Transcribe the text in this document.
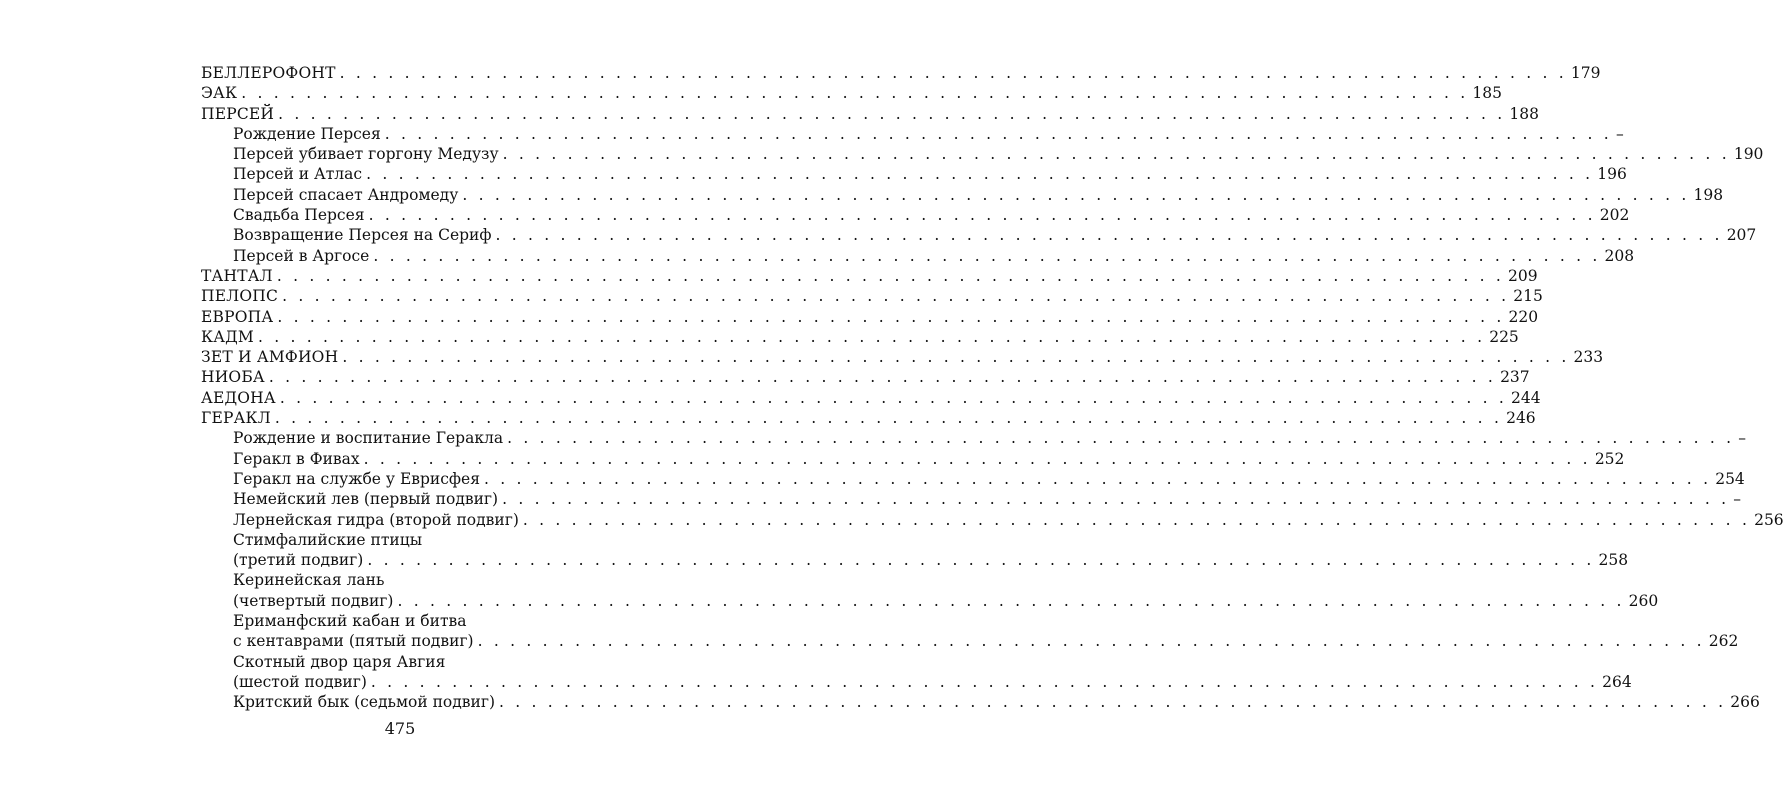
БЕЛЛЕРОФОНТ . . . . . . . . . . . . . . . . . . . . . . . . . . . . . . . . . . . . . . . . . . . . . . . . . . . . . . . . . . . . . . . . . . . . . . . . . . . . 179
ЭАК . . . . . . . . . . . . . . . . . . . . . . . . . . . . . . . . . . . . . . . . . . . . . . . . . . . . . . . . . . . . . . . . . . . . . . . . . . . . 185
ПЕРСЕЙ . . . . . . . . . . . . . . . . . . . . . . . . . . . . . . . . . . . . . . . . . . . . . . . . . . . . . . . . . . . . . . . . . . . . . . . . . . . . 188
Рождение Персея . . . . . . . . . . . . . . . . . . . . . . . . . . . . . . . . . . . . . . . . . . . . . . . . . . . . . . . . . . . . . . . . . . . . . . . . . . . . –
Персей убивает горгону Медузу . . . . . . . . . . . . . . . . . . . . . . . . . . . . . . . . . . . . . . . . . . . . . . . . . . . . . . . . . . . . . . . . . . . . . . . . . . . . 190
Персей и Атлас . . . . . . . . . . . . . . . . . . . . . . . . . . . . . . . . . . . . . . . . . . . . . . . . . . . . . . . . . . . . . . . . . . . . . . . . . . . . 196
Персей спасает Андромеду . . . . . . . . . . . . . . . . . . . . . . . . . . . . . . . . . . . . . . . . . . . . . . . . . . . . . . . . . . . . . . . . . . . . . . . . . . . . 198
Свадьба Персея . . . . . . . . . . . . . . . . . . . . . . . . . . . . . . . . . . . . . . . . . . . . . . . . . . . . . . . . . . . . . . . . . . . . . . . . . . . . 202
Возвращение Персея на Сериф . . . . . . . . . . . . . . . . . . . . . . . . . . . . . . . . . . . . . . . . . . . . . . . . . . . . . . . . . . . . . . . . . . . . . . . . . . . . 207
Персей в Аргосе . . . . . . . . . . . . . . . . . . . . . . . . . . . . . . . . . . . . . . . . . . . . . . . . . . . . . . . . . . . . . . . . . . . . . . . . . . . . 208
ТАНТАЛ . . . . . . . . . . . . . . . . . . . . . . . . . . . . . . . . . . . . . . . . . . . . . . . . . . . . . . . . . . . . . . . . . . . . . . . . . . . . 209
ПЕЛОПС . . . . . . . . . . . . . . . . . . . . . . . . . . . . . . . . . . . . . . . . . . . . . . . . . . . . . . . . . . . . . . . . . . . . . . . . . . . . 215
ЕВРОПА . . . . . . . . . . . . . . . . . . . . . . . . . . . . . . . . . . . . . . . . . . . . . . . . . . . . . . . . . . . . . . . . . . . . . . . . . . . . 220
КАДМ . . . . . . . . . . . . . . . . . . . . . . . . . . . . . . . . . . . . . . . . . . . . . . . . . . . . . . . . . . . . . . . . . . . . . . . . . . . . 225
ЗЕТ И АМФИОН . . . . . . . . . . . . . . . . . . . . . . . . . . . . . . . . . . . . . . . . . . . . . . . . . . . . . . . . . . . . . . . . . . . . . . . . . . . . 233
НИОБА . . . . . . . . . . . . . . . . . . . . . . . . . . . . . . . . . . . . . . . . . . . . . . . . . . . . . . . . . . . . . . . . . . . . . . . . . . . . 237
АЕДОНА . . . . . . . . . . . . . . . . . . . . . . . . . . . . . . . . . . . . . . . . . . . . . . . . . . . . . . . . . . . . . . . . . . . . . . . . . . . . 244
ГЕРАКЛ . . . . . . . . . . . . . . . . . . . . . . . . . . . . . . . . . . . . . . . . . . . . . . . . . . . . . . . . . . . . . . . . . . . . . . . . . . . . 246
Рождение и воспитание Геракла . . . . . . . . . . . . . . . . . . . . . . . . . . . . . . . . . . . . . . . . . . . . . . . . . . . . . . . . . . . . . . . . . . . . . . . . . . . . –
Геракл в Фивах . . . . . . . . . . . . . . . . . . . . . . . . . . . . . . . . . . . . . . . . . . . . . . . . . . . . . . . . . . . . . . . . . . . . . . . . . . . . 252
Геракл на службе у Еврисфея . . . . . . . . . . . . . . . . . . . . . . . . . . . . . . . . . . . . . . . . . . . . . . . . . . . . . . . . . . . . . . . . . . . . . . . . . . . . 254
Немейский лев (первый подвиг) . . . . . . . . . . . . . . . . . . . . . . . . . . . . . . . . . . . . . . . . . . . . . . . . . . . . . . . . . . . . . . . . . . . . . . . . . . . . –
Лернейская гидра (второй подвиг) . . . . . . . . . . . . . . . . . . . . . . . . . . . . . . . . . . . . . . . . . . . . . . . . . . . . . . . . . . . . . . . . . . . . . . . . . . . . 256
Стимфалийские птицы
(третий подвиг) . . . . . . . . . . . . . . . . . . . . . . . . . . . . . . . . . . . . . . . . . . . . . . . . . . . . . . . . . . . . . . . . . . . . . . . . . . . . 258
Керинейская лань
(четвертый подвиг) . . . . . . . . . . . . . . . . . . . . . . . . . . . . . . . . . . . . . . . . . . . . . . . . . . . . . . . . . . . . . . . . . . . . . . . . . . . . 260
Ериманфский кабан и битва
с кентаврами (пятый подвиг) . . . . . . . . . . . . . . . . . . . . . . . . . . . . . . . . . . . . . . . . . . . . . . . . . . . . . . . . . . . . . . . . . . . . . . . . . . . . 262
Скотный двор царя Авгия
(шестой подвиг) . . . . . . . . . . . . . . . . . . . . . . . . . . . . . . . . . . . . . . . . . . . . . . . . . . . . . . . . . . . . . . . . . . . . . . . . . . . . 264
Критский бык (седьмой подвиг) . . . . . . . . . . . . . . . . . . . . . . . . . . . . . . . . . . . . . . . . . . . . . . . . . . . . . . . . . . . . . . . . . . . . . . . . . . . . 266
475
